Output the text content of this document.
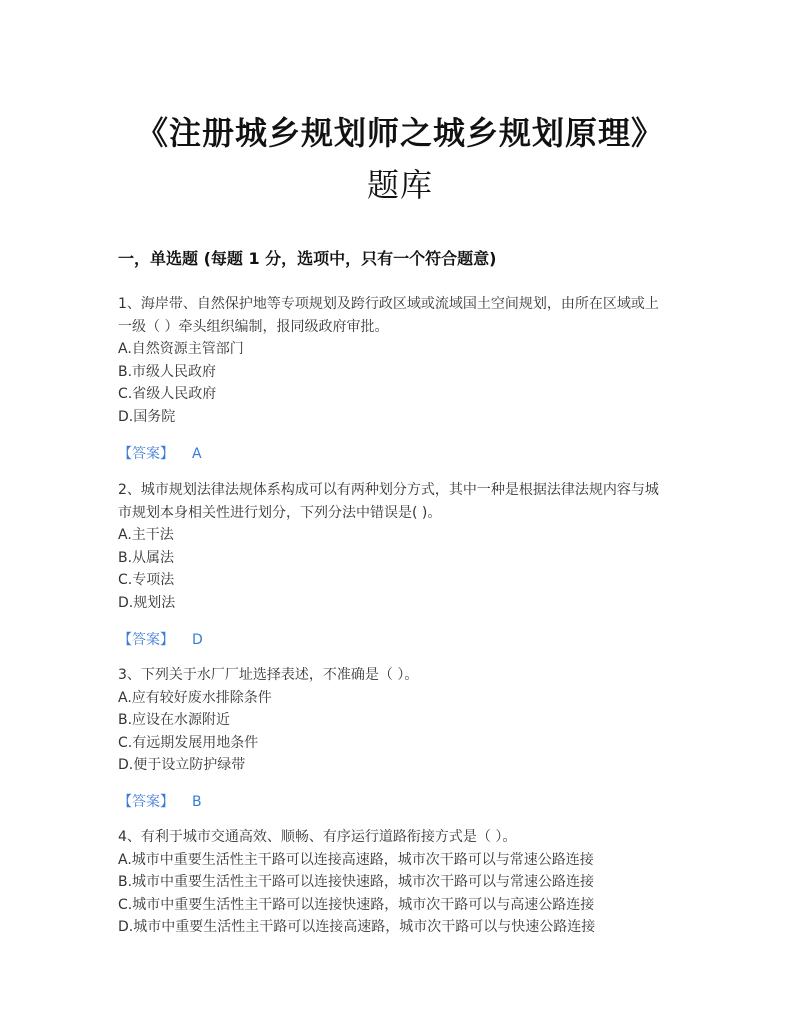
《注册城乡规划师之城乡规划原理》
题库
一，单选题 (每题 1 分，选项中，只有一个符合题意)

1、海岸带、自然保护地等专项规划及跨行政区域或流域国土空间规划，由所在区域或上

一级（ ）牵头组织编制，报同级政府审批。

A.自然资源主管部门

B.市级人民政府

C.省级人民政府

D.国务院

【答案】 A

2、城市规划法律法规体系构成可以有两种划分方式，其中一种是根据法律法规内容与城

市规划本身相关性进行划分，下列分法中错误是( )。

A.主干法

B.从属法

C.专项法

D.规划法

【答案】 D

3、下列关于水厂厂址选择表述，不准确是（ ）。

A.应有较好废水排除条件

B.应设在水源附近

C.有远期发展用地条件

D.便于设立防护绿带

【答案】 B

4、有利于城市交通高效、顺畅、有序运行道路衔接方式是（ ）。

A.城市中重要生活性主干路可以连接高速路，城市次干路可以与常速公路连接

B.城市中重要生活性主干路可以连接快速路，城市次干路可以与常速公路连接

C.城市中重要生活性主干路可以连接快速路，城市次干路可以与高速公路连接

D.城市中重要生活性主干路可以连接高速路，城市次干路可以与快速公路连接
